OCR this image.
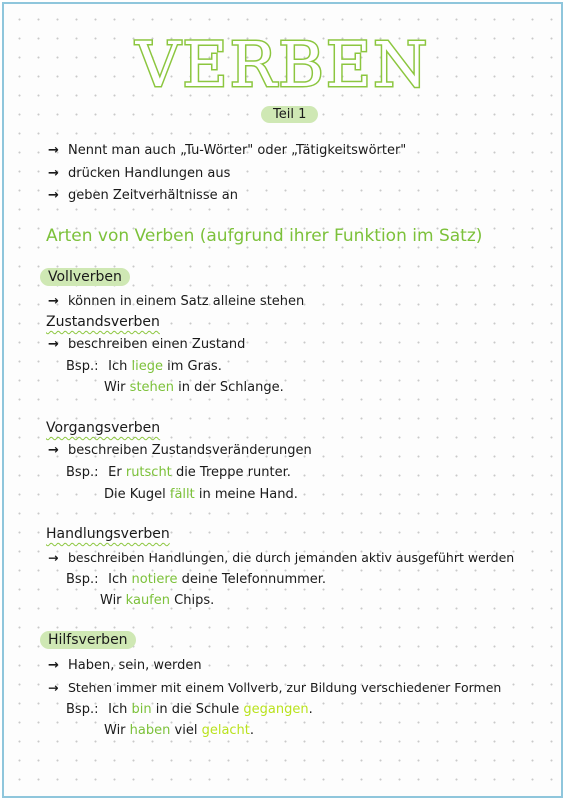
VERBEN
Teil 1
→ Nennt man auch „Tu-Wörter" oder „Tätigkeitswörter"
→ drücken Handlungen aus
→ geben Zeitverhältnisse an
Arten von Verben (aufgrund ihrer Funktion im Satz)
Vollverben
→ können in einem Satz alleine stehen
Zustandsverben
→ beschreiben einen Zustand
Bsp.: Ich liege im Gras.
Wir stehen in der Schlange.
Vorgangsverben
→ beschreiben Zustandsveränderungen
Bsp.: Er rutscht die Treppe runter.
Die Kugel fällt in meine Hand.
Handlungsverben
→ beschreiben Handlungen, die durch jemanden aktiv ausgeführt werden
Bsp.: Ich notiere deine Telefonnummer.
Wir kaufen Chips.
Hilfsverben
→ Haben, sein, werden
→ Stehen immer mit einem Vollverb, zur Bildung verschiedener Formen
Bsp.: Ich bin in die Schule gegangen.
Wir haben viel gelacht.
